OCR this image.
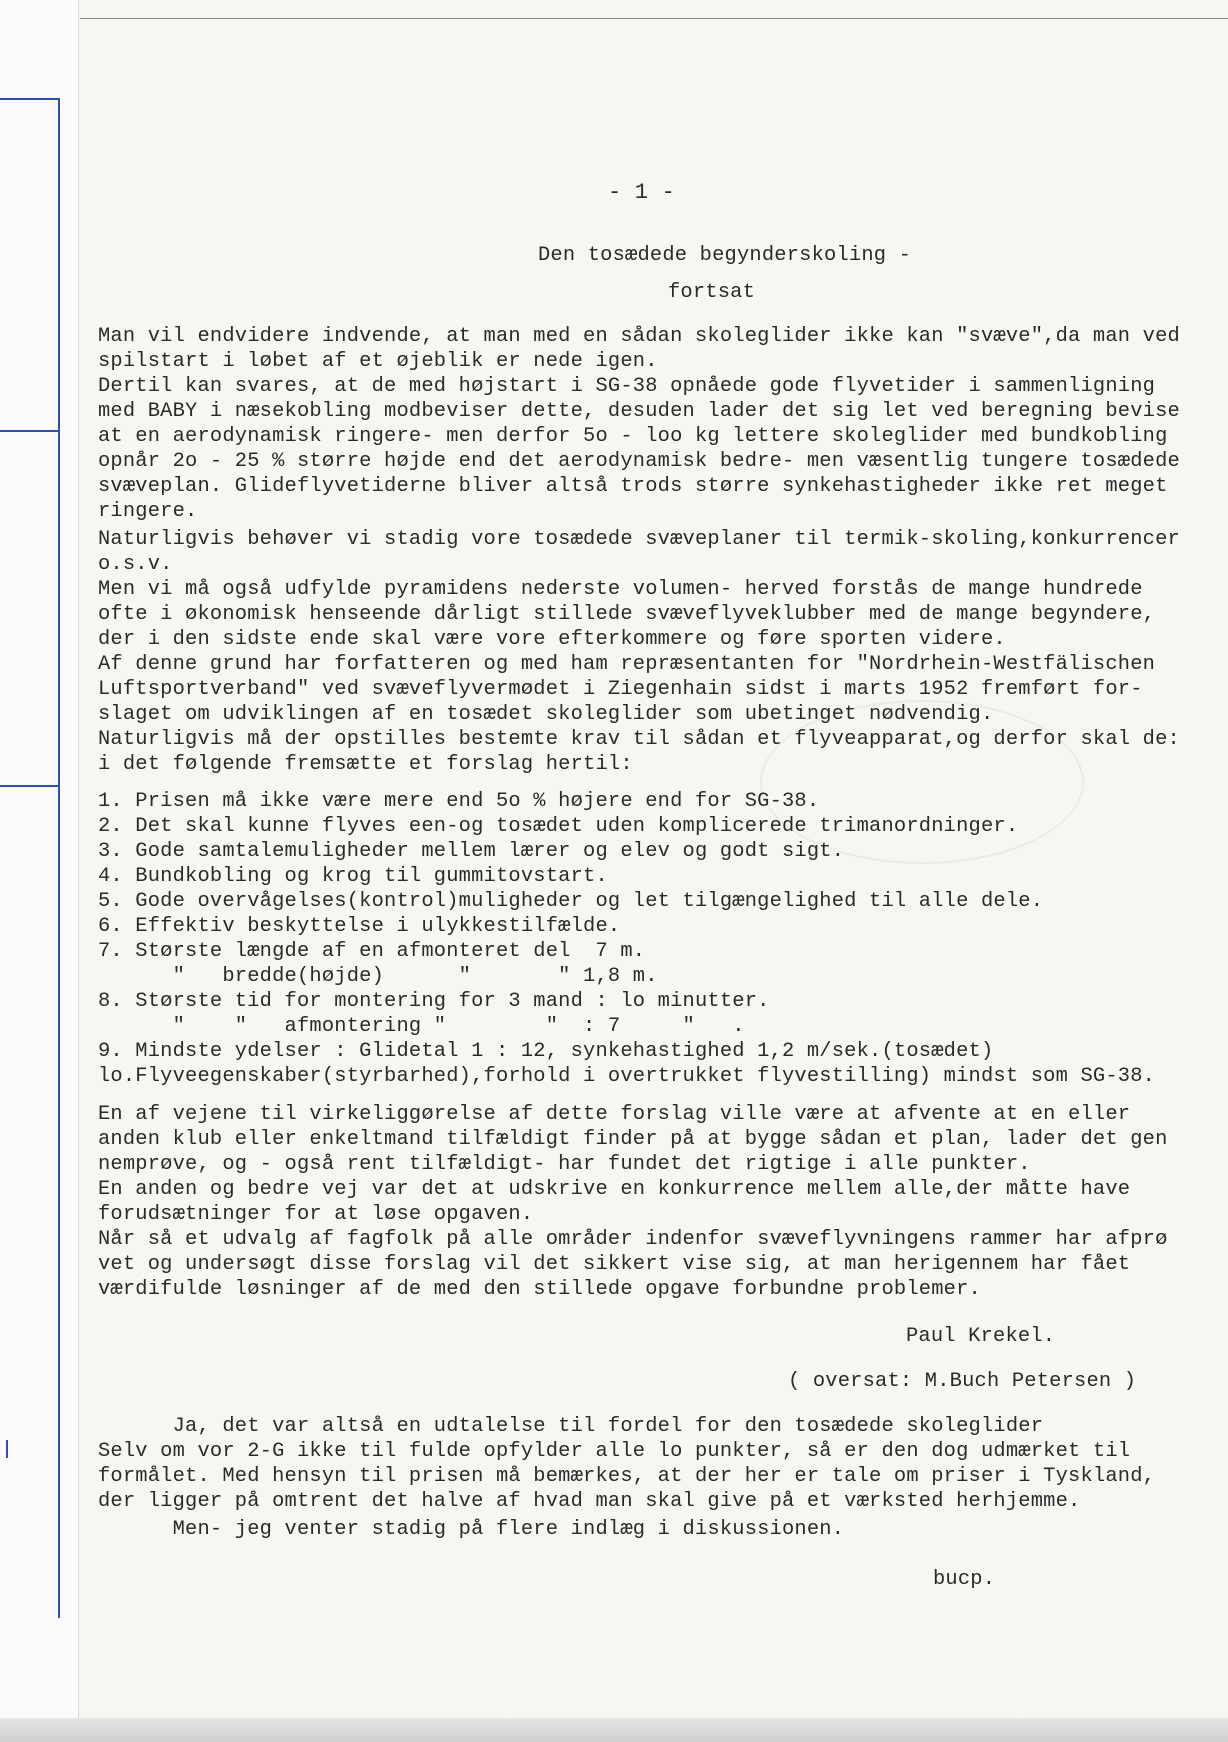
- 1 -

Den tosædede begynderskoling -

fortsat

Man vil endvidere indvende, at man med en sådan skoleglider ikke kan "svæve",da man ved

spilstart i løbet af et øjeblik er nede igen.

Dertil kan svares, at de med højstart i SG-38 opnåede gode flyvetider i sammenligning

med BABY i næsekobling modbeviser dette, desuden lader det sig let ved beregning bevise

at en aerodynamisk ringere- men derfor 5o - loo kg lettere skoleglider med bundkobling

opnår 2o - 25 % større højde end det aerodynamisk bedre- men væsentlig tungere tosædede

svæveplan. Glideflyvetiderne bliver altså trods større synkehastigheder ikke ret meget

ringere.

Naturligvis behøver vi stadig vore tosædede svæveplaner til termik-skoling,konkurrencer

o.s.v.

Men vi må også udfylde pyramidens nederste volumen- herved forstås de mange hundrede

ofte i økonomisk henseende dårligt stillede svæveflyveklubber med de mange begyndere,

der i den sidste ende skal være vore efterkommere og føre sporten videre.

Af denne grund har forfatteren og med ham repræsentanten for "Nordrhein-Westfälischen

Luftsportverband" ved svæveflyvermødet i Ziegenhain sidst i marts 1952 fremført for-

slaget om udviklingen af en tosædet skoleglider som ubetinget nødvendig.

Naturligvis må der opstilles bestemte krav til sådan et flyveapparat,og derfor skal de:

i det følgende fremsætte et forslag hertil:

1. Prisen må ikke være mere end 5o % højere end for SG-38.

2. Det skal kunne flyves een-og tosædet uden komplicerede trimanordninger.

3. Gode samtalemuligheder mellem lærer og elev og godt sigt.

4. Bundkobling og krog til gummitovstart.

5. Gode overvågelses(kontrol)muligheder og let tilgængelighed til alle dele.

6. Effektiv beskyttelse i ulykkestilfælde.

7. Største længde af en afmonteret del  7 m.

"   bredde(højde)      "       " 1,8 m.

8. Største tid for montering for 3 mand : lo minutter.

"    "   afmontering "        "  : 7     "   .

9. Mindste ydelser : Glidetal 1 : 12, synkehastighed 1,2 m/sek.(tosædet)

lo.Flyveegenskaber(styrbarhed),forhold i overtrukket flyvestilling) mindst som SG-38.

En af vejene til virkeliggørelse af dette forslag ville være at afvente at en eller

anden klub eller enkeltmand tilfældigt finder på at bygge sådan et plan, lader det gen

nemprøve, og - også rent tilfældigt- har fundet det rigtige i alle punkter.

En anden og bedre vej var det at udskrive en konkurrence mellem alle,der måtte have

forudsætninger for at løse opgaven.

Når så et udvalg af fagfolk på alle områder indenfor svæveflyvningens rammer har afprø

vet og undersøgt disse forslag vil det sikkert vise sig, at man herigennem har fået

værdifulde løsninger af de med den stillede opgave forbundne problemer.

Paul Krekel.

( oversat: M.Buch Petersen )

Ja, det var altså en udtalelse til fordel for den tosædede skoleglider

Selv om vor 2-G ikke til fulde opfylder alle lo punkter, så er den dog udmærket til

formålet. Med hensyn til prisen må bemærkes, at der her er tale om priser i Tyskland,

der ligger på omtrent det halve af hvad man skal give på et værksted herhjemme.

Men- jeg venter stadig på flere indlæg i diskussionen.

bucp.
